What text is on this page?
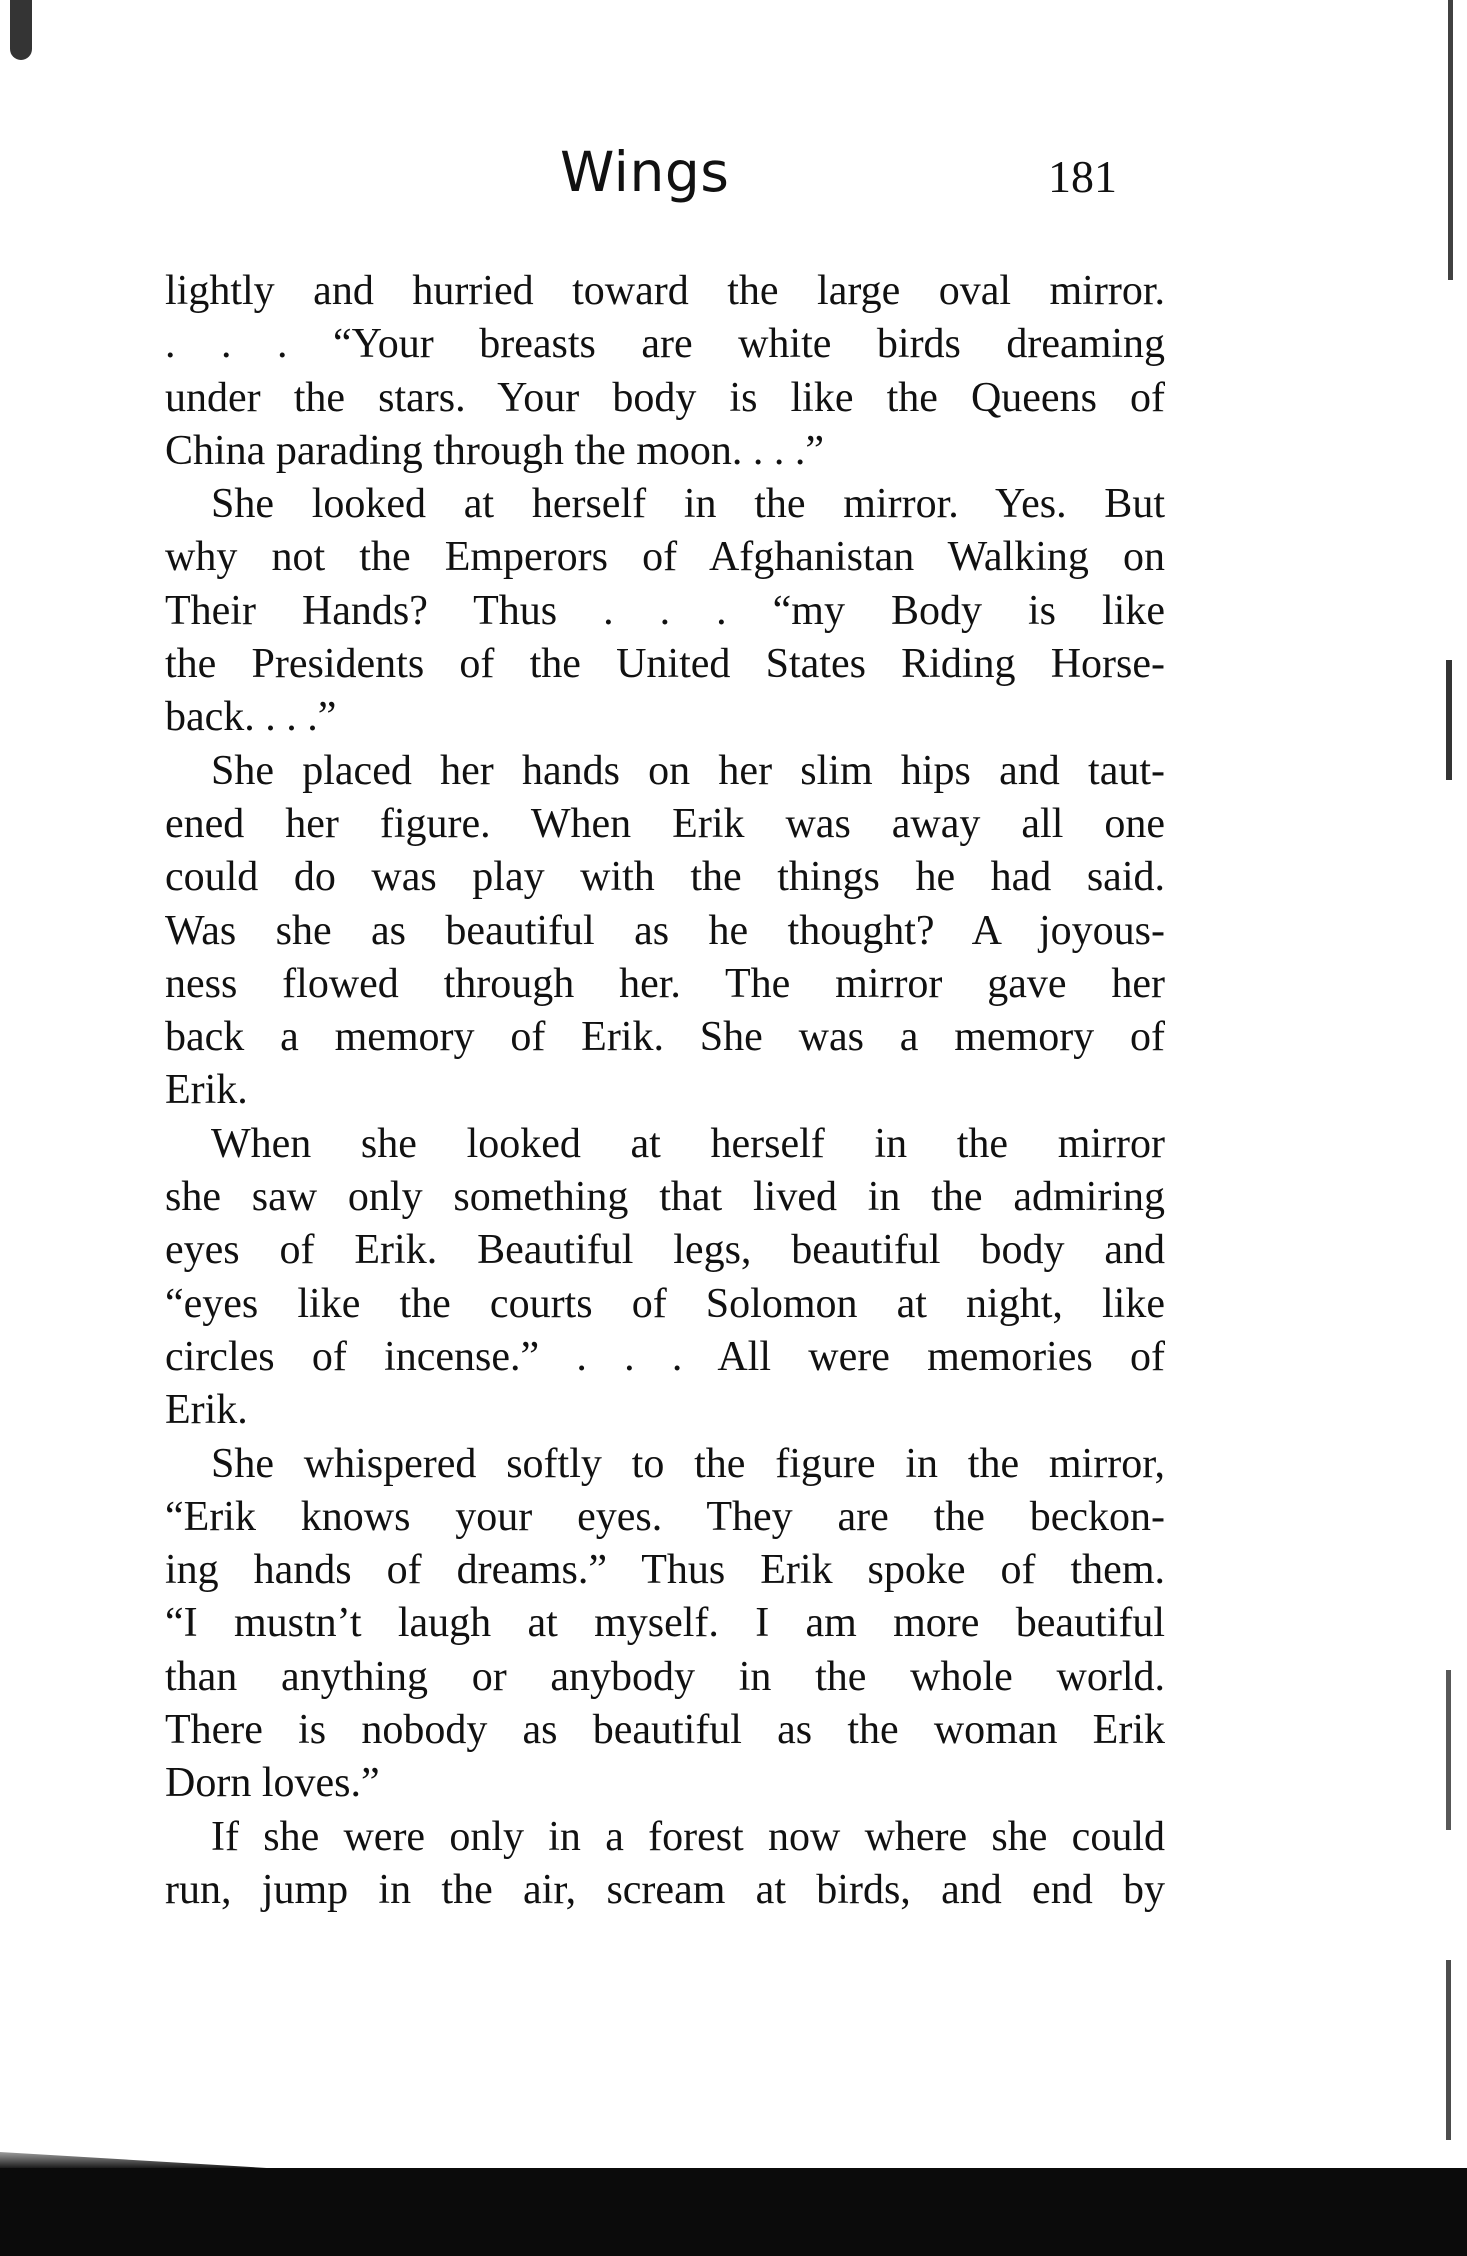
Wings	181
lightly and hurried toward the large oval mirror.
. . . “Your breasts are white birds dreaming
under the stars. Your body is like the Queens of
China parading through the moon. . . .”
She looked at herself in the mirror. Yes. But
why not the Emperors of Afghanistan Walking on
Their Hands? Thus . . . “my Body is like
the Presidents of the United States Riding Horse-
back. . . .”
She placed her hands on her slim hips and taut-
ened her figure. When Erik was away all one
could do was play with the things he had said.
Was she as beautiful as he thought? A joyous-
ness flowed through her. The mirror gave her
back a memory of Erik. She was a memory of
Erik.
When she looked at herself in the mirror
she saw only something that lived in the admiring
eyes of Erik. Beautiful legs, beautiful body and
“eyes like the courts of Solomon at night, like
circles of incense.” . . . All were memories of
Erik.
She whispered softly to the figure in the mirror,
“Erik knows your eyes. They are the beckon-
ing hands of dreams.” Thus Erik spoke of them.
“I mustn’t laugh at myself. I am more beautiful
than anything or anybody in the whole world.
There is nobody as beautiful as the woman Erik
Dorn loves.”
If she were only in a forest now where she could
run, jump in the air, scream at birds, and end by
